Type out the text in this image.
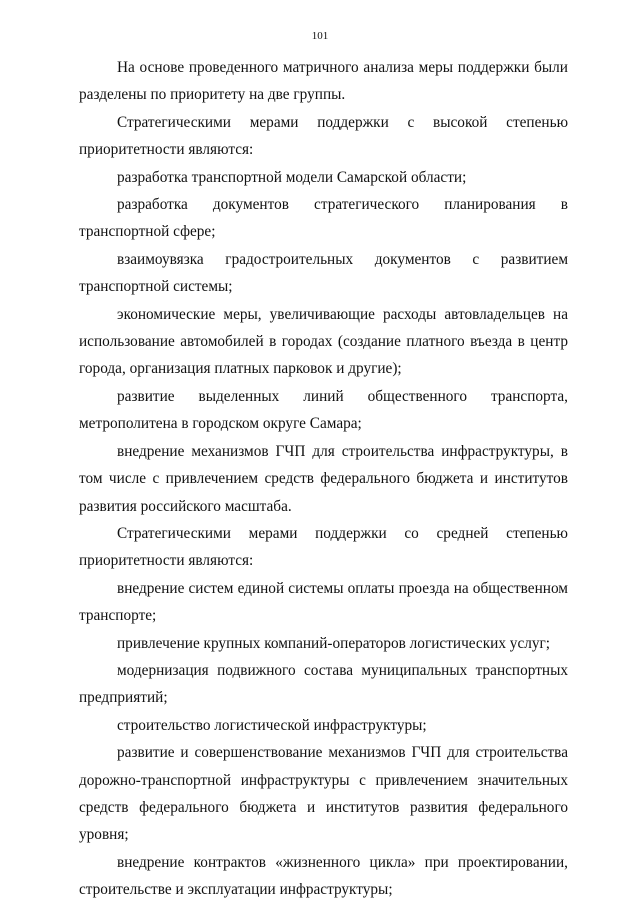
101

На основе проведенного матричного анализа меры поддержки были разделены по приоритету на две группы.

Стратегическими мерами поддержки с высокой степенью приоритетности являются:

разработка транспортной модели Самарской области;

разработка документов стратегического планирования в транспортной сфере;

взаимоувязка градостроительных документов с развитием транспортной системы;

экономические меры, увеличивающие расходы автовладельцев на использование автомобилей в городах (создание платного въезда в центр города, организация платных парковок и другие);

развитие выделенных линий общественного транспорта, метрополитена в городском округе Самара;

внедрение механизмов ГЧП для строительства инфраструктуры, в том числе с привлечением средств федерального бюджета и институтов развития российского масштаба.

Стратегическими мерами поддержки со средней степенью приоритетности являются:

внедрение систем единой системы оплаты проезда на общественном транспорте;

привлечение крупных компаний-операторов логистических услуг;

модернизация подвижного состава муниципальных транспортных предприятий;

строительство логистической инфраструктуры;

развитие и совершенствование механизмов ГЧП для строительства дорожно-транспортной инфраструктуры с привлечением значительных средств федерального бюджета и институтов развития федерального уровня;

внедрение контрактов «жизненного цикла» при проектировании, строительстве и эксплуатации инфраструктуры;
